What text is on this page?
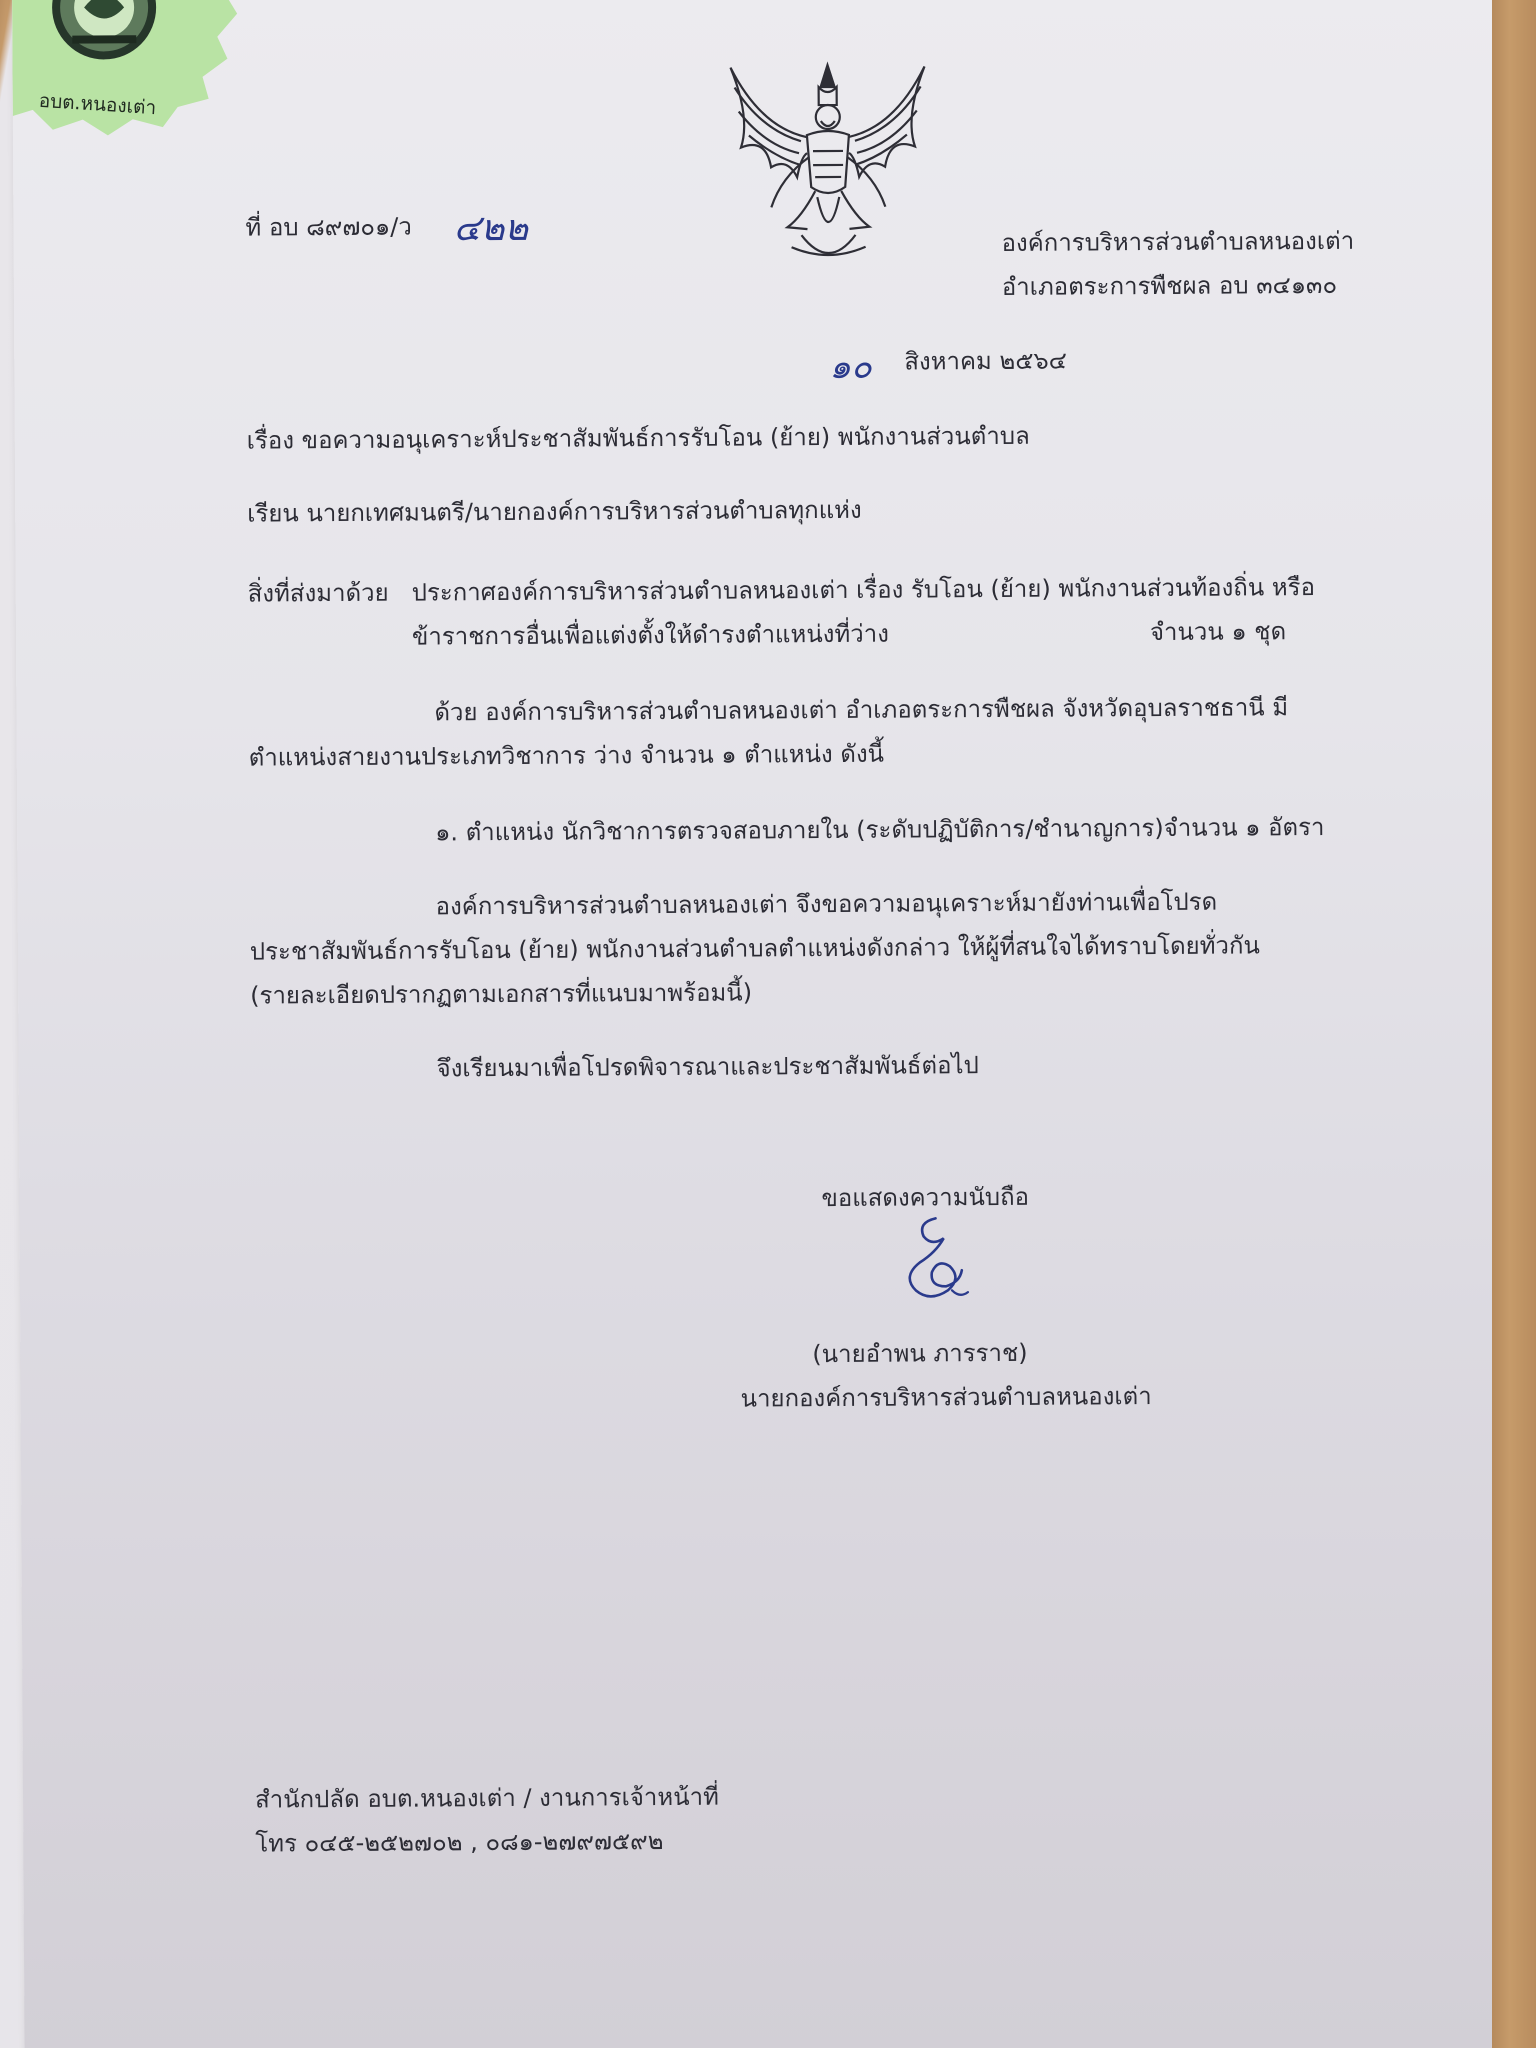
อบต.หนองเต่า
ที่ อบ ๘๙๗๐๑/ว ๔๒๒	องค์การบริหารส่วนตำบลหนองเต่า
อำเภอตระการพืชผล อบ ๓๔๑๓๐
๑๐ สิงหาคม ๒๕๖๔
เรื่อง ขอความอนุเคราะห์ประชาสัมพันธ์การรับโอน (ย้าย) พนักงานส่วนตำบล
เรียน นายกเทศมนตรี/นายกองค์การบริหารส่วนตำบลทุกแห่ง
สิ่งที่ส่งมาด้วย ประกาศองค์การบริหารส่วนตำบลหนองเต่า เรื่อง รับโอน (ย้าย) พนักงานส่วนท้องถิ่น หรือ
ข้าราชการอื่นเพื่อแต่งตั้งให้ดำรงตำแหน่งที่ว่าง	จำนวน ๑ ชุด
ด้วย องค์การบริหารส่วนตำบลหนองเต่า อำเภอตระการพืชผล จังหวัดอุบลราชธานี มี
ตำแหน่งสายงานประเภทวิชาการ ว่าง จำนวน ๑ ตำแหน่ง ดังนี้
๑. ตำแหน่ง นักวิชาการตรวจสอบภายใน (ระดับปฏิบัติการ/ชำนาญการ)จำนวน ๑ อัตรา
องค์การบริหารส่วนตำบลหนองเต่า จึงขอความอนุเคราะห์มายังท่านเพื่อโปรด
ประชาสัมพันธ์การรับโอน (ย้าย) พนักงานส่วนตำบลตำแหน่งดังกล่าว ให้ผู้ที่สนใจได้ทราบโดยทั่วกัน
(รายละเอียดปรากฏตามเอกสารที่แนบมาพร้อมนี้)
จึงเรียนมาเพื่อโปรดพิจารณาและประชาสัมพันธ์ต่อไป
ขอแสดงความนับถือ
(นายอำพน ภารราช)
นายกองค์การบริหารส่วนตำบลหนองเต่า
สำนักปลัด อบต.หนองเต่า / งานการเจ้าหน้าที่
โทร ๐๔๕-๒๕๒๗๐๒ , ๐๘๑-๒๗๙๗๕๙๒
